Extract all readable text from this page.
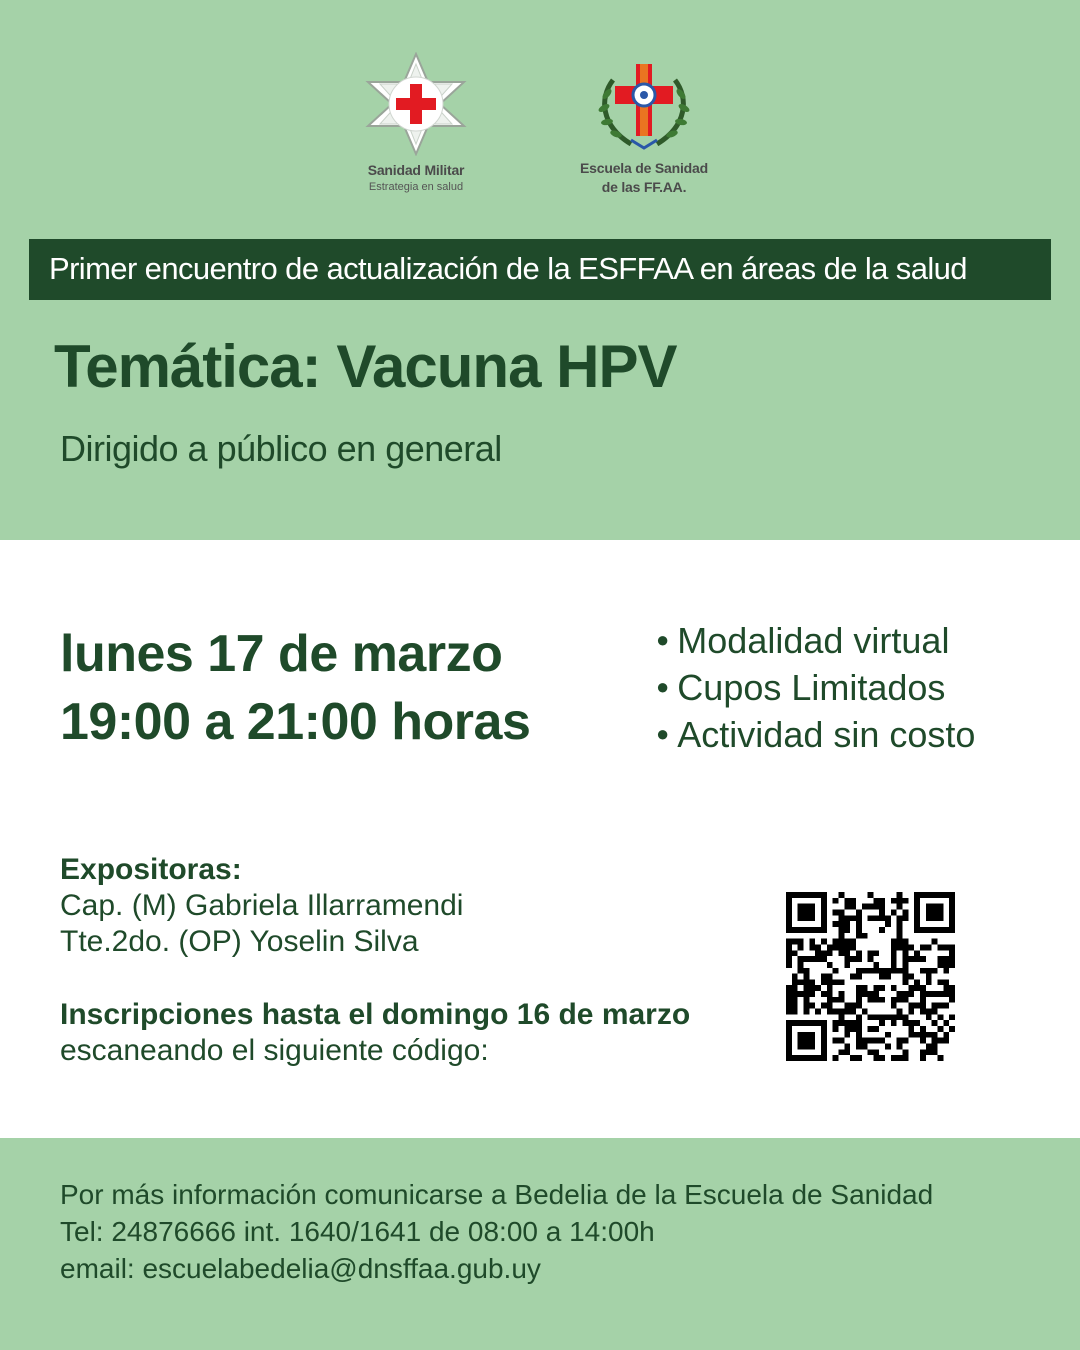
Sanidad Militar
Estrategia en salud
Escuela de Sanidad
de las FF.AA.
Primer encuentro de actualización de la ESFFAA en áreas de la salud
Temática: Vacuna HPV
Dirigido a público en general
lunes 17 de marzo
19:00 a 21:00 horas
● Modalidad virtual
● Cupos Limitados
● Actividad sin costo
Expositoras:
Cap. (M) Gabriela Illarramendi
Tte.2do. (OP) Yoselin Silva
Inscripciones hasta el domingo 16 de marzo
escaneando el siguiente código:
Por más información comunicarse a Bedelia de la Escuela de Sanidad
Tel: 24876666 int. 1640/1641 de 08:00 a 14:00h
email: escuelabedelia@dnsffaa.gub.uy
